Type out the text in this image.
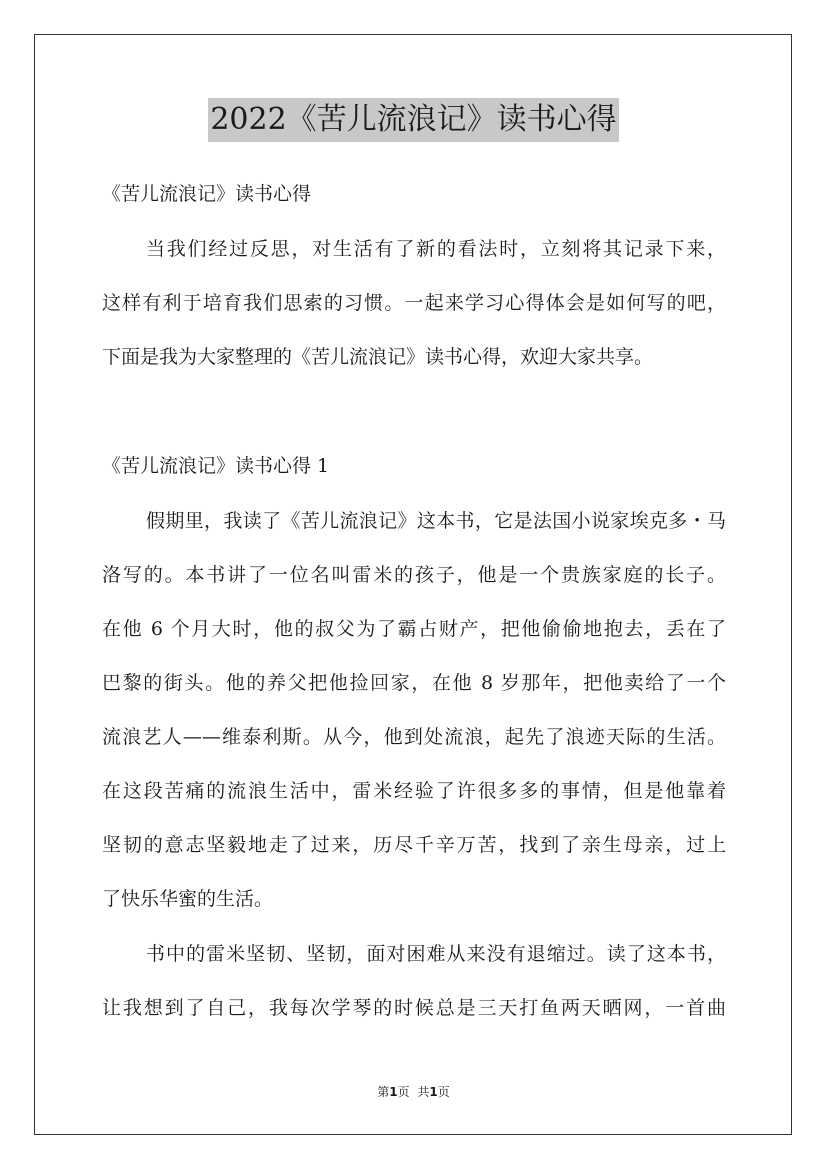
2022《苦儿流浪记》读书心得
《苦儿流浪记》读书心得
当我们经过反思，对生活有了新的看法时，立刻将其记录下来，
这样有利于培育我们思索的习惯。一起来学习心得体会是如何写的吧，
下面是我为大家整理的《苦儿流浪记》读书心得，欢迎大家共享。
《苦儿流浪记》读书心得 1
假期里，我读了《苦儿流浪记》这本书，它是法国小说家埃克多・马
洛写的。本书讲了一位名叫雷米的孩子，他是一个贵族家庭的长子。
在他 6 个月大时，他的叔父为了霸占财产，把他偷偷地抱去，丢在了
巴黎的街头。他的养父把他捡回家，在他 8 岁那年，把他卖给了一个
流浪艺人——维泰利斯。从今，他到处流浪，起先了浪迹天际的生活。
在这段苦痛的流浪生活中，雷米经验了许很多多的事情，但是他靠着
坚韧的意志坚毅地走了过来，历尽千辛万苦，找到了亲生母亲，过上
了快乐华蜜的生活。
书中的雷米坚韧、坚韧，面对困难从来没有退缩过。读了这本书，
让我想到了自己，我每次学琴的时候总是三天打鱼两天晒网，一首曲
第1页 共1页
